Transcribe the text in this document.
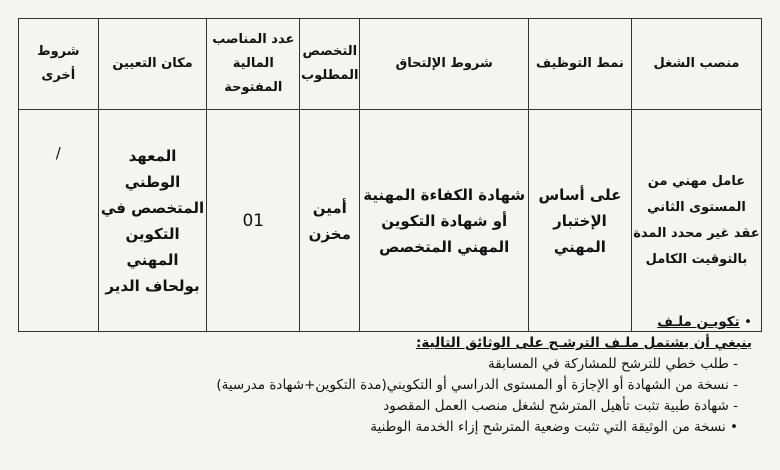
منصب الشغل	نمط التوظيف	شروط الإلتحاق	التخصص المطلوب	عدد المناصب المالية المفتوحة	مكان التعيين	شروط أخرى
عامل مهني من المستوى الثاني عقد غير محدد المدة بالتوقيت الكامل	على أساس الإختبار المهني	شهادة الكفاءة المهنية أو شهادة التكوين المهني المتخصص	أمين مخزن	01	المعهد الوطني المتخصص في التكوين المهني بولحاف الدير	/
• تكويـن ملـف
ينبغي أن يشتمل ملـف الترشـح على الوثائق التالية:
- طلب خطي للترشح للمشاركة في المسابقة
- نسخة من الشهادة أو الإجازة أو المستوى الدراسي أو التكويني(مدة التكوين+شهادة مدرسية)
- شهادة طبية تثبت تأهيل المترشح لشغل منصب العمل المقصود
• نسخة من الوثيقة التي تثبت وضعية المترشح إزاء الخدمة الوطنية
